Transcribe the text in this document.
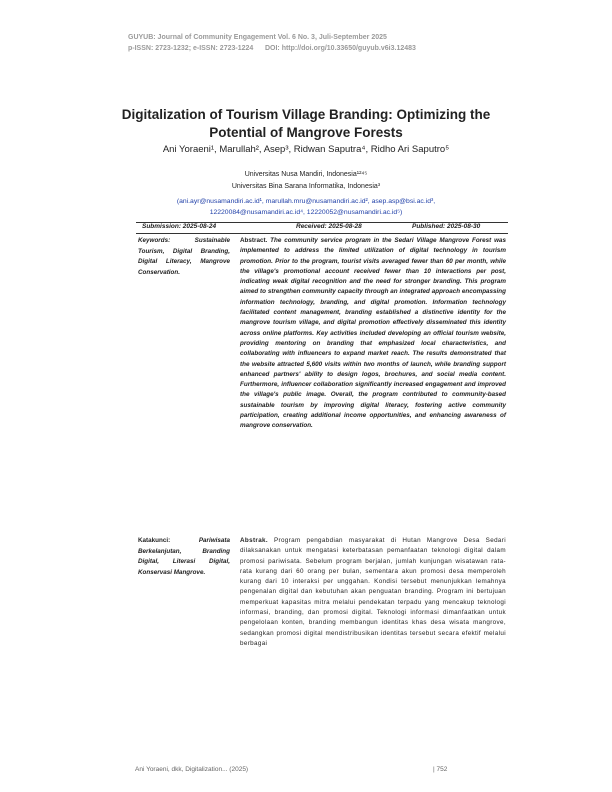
GUYUB: Journal of Community Engagement Vol. 6 No. 3, Juli-September 2025
p-ISSN: 2723-1232; e-ISSN: 2723-1224 DOI: http://doi.org/10.33650/guyub.v6i3.12483
Digitalization of Tourism Village Branding: Optimizing the Potential of Mangrove Forests
Ani Yoraeni¹, Marullah², Asep³, Ridwan Saputra⁴, Ridho Ari Saputro⁵
Universitas Nusa Mandiri, Indonesia¹²⁴⁵
Universitas Bina Sarana Informatika, Indonesia³
(ani.ayr@nusamandiri.ac.id¹, marullah.mru@nusamandiri.ac.id², asep.asp@bsi.ac.id³,
12220084@nusamandiri.ac.id⁴, 12220052@nusamandiri.ac.id⁵)
Submission: 2025-08-24	Received: 2025-08-28	Published: 2025-08-30
Keywords:	Sustainable Tourism, Digital Branding, Digital Literacy, Mangrove Conservation.
Abstract. The community service program in the Sedari Village Mangrove Forest was implemented to address the limited utilization of digital technology in tourism promotion. Prior to the program, tourist visits averaged fewer than 60 per month, while the village's promotional account received fewer than 10 interactions per post, indicating weak digital recognition and the need for stronger branding. This program aimed to strengthen community capacity through an integrated approach encompassing information technology, branding, and digital promotion. Information technology facilitated content management, branding established a distinctive identity for the mangrove tourism village, and digital promotion effectively disseminated this identity across online platforms. Key activities included developing an official tourism website, providing mentoring on branding that emphasized local characteristics, and collaborating with influencers to expand market reach. The results demonstrated that the website attracted 5,600 visits within two months of launch, while branding support enhanced partners' ability to design logos, brochures, and social media content. Furthermore, influencer collaboration significantly increased engagement and improved the village's public image. Overall, the program contributed to community-based sustainable tourism by improving digital literacy, fostering active community participation, creating additional income opportunities, and enhancing awareness of mangrove conservation.
Katakunci:	Pariwisata Berkelanjutan, Branding Digital, Literasi Digital, Konservasi Mangrove.
Abstrak. Program pengabdian masyarakat di Hutan Mangrove Desa Sedari dilaksanakan untuk mengatasi keterbatasan pemanfaatan teknologi digital dalam promosi pariwisata. Sebelum program berjalan, jumlah kunjungan wisatawan rata-rata kurang dari 60 orang per bulan, sementara akun promosi desa memperoleh kurang dari 10 interaksi per unggahan. Kondisi tersebut menunjukkan lemahnya pengenalan digital dan kebutuhan akan penguatan branding. Program ini bertujuan memperkuat kapasitas mitra melalui pendekatan terpadu yang mencakup teknologi informasi, branding, dan promosi digital. Teknologi informasi dimanfaatkan untuk pengelolaan konten, branding membangun identitas khas desa wisata mangrove, sedangkan promosi digital mendistribusikan identitas tersebut secara efektif melalui berbagai
Ani Yoraeni, dkk, Digitalization... (2025)	| 752
